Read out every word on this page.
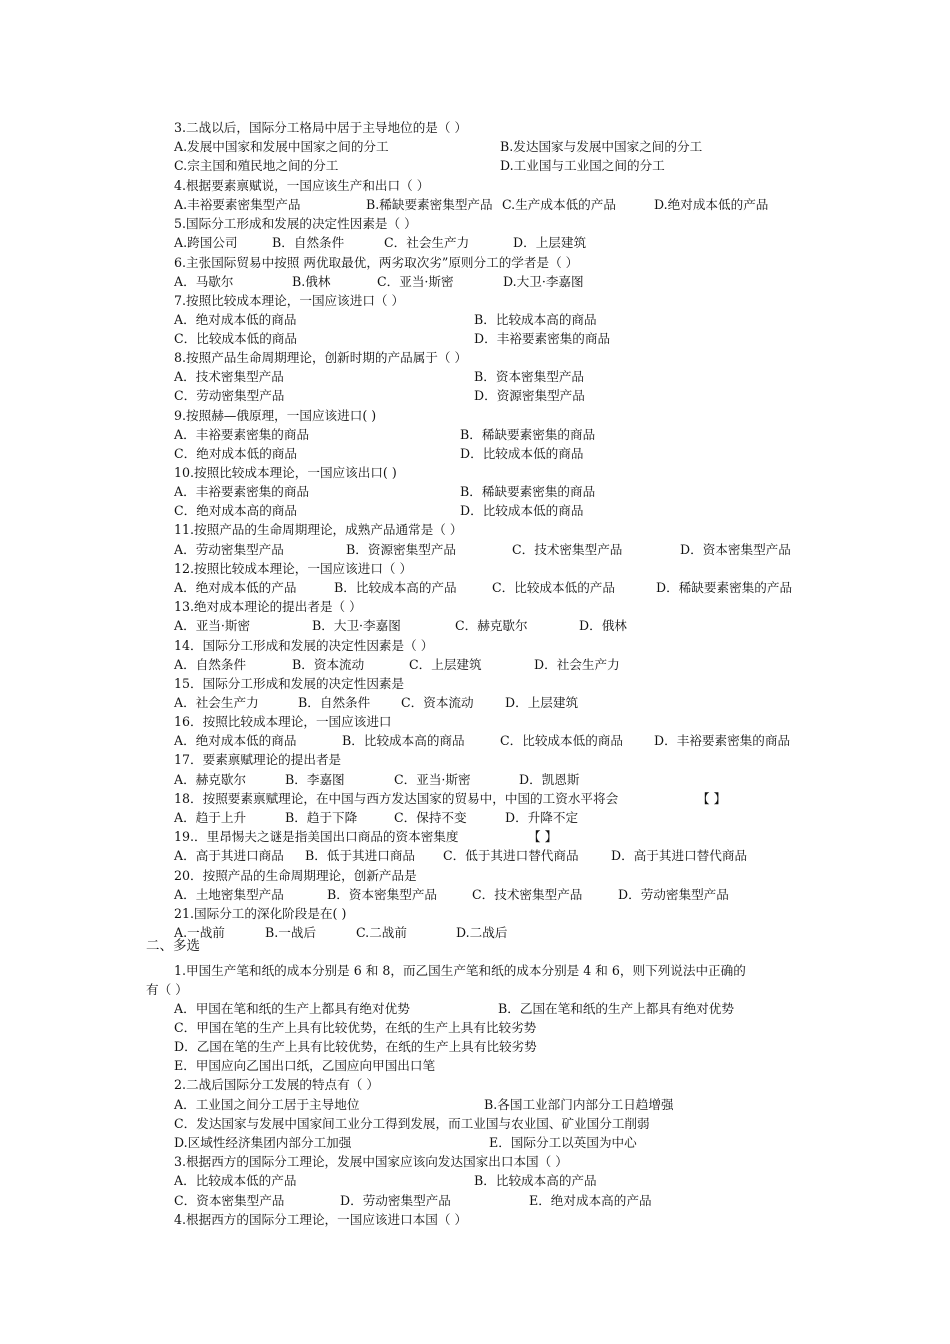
3.二战以后，国际分工格局中居于主导地位的是（ ）
A.发展中国家和发展中国家之间的分工	B.发达国家与发展中国家之间的分工
C.宗主国和殖民地之间的分工	D.工业国与工业国之间的分工
4.根据要素禀赋说，一国应该生产和出口（ ）
A.丰裕要素密集型产品	B.稀缺要素密集型产品 C.生产成本低的产品	D.绝对成本低的产品
5.国际分工形成和发展的决定性因素是（ ）
A.跨国公司	B．自然条件	C．社会生产力	D．上层建筑
6.主张国际贸易中按照 两优取最优，两劣取次劣”原则分工的学者是（ ）
A．马歇尔	B.俄林	C．亚当·斯密	D.大卫·李嘉图
7.按照比较成本理论，一国应该进口（ ）
A．绝对成本低的商品	B．比较成本高的商品
C．比较成本低的商品	D．丰裕要素密集的商品
8.按照产品生命周期理论，创新时期的产品属于（ ）
A．技术密集型产品	B．资本密集型产品
C．劳动密集型产品	D．资源密集型产品
9.按照赫—俄原理，一国应该进口( )
A．丰裕要素密集的商品	B．稀缺要素密集的商品
C．绝对成本低的商品	D．比较成本低的商品
10.按照比较成本理论，一国应该出口( )
A．丰裕要素密集的商品	B．稀缺要素密集的商品
C．绝对成本高的商品	D．比较成本低的商品
11.按照产品的生命周期理论，成熟产品通常是（ ）
A．劳动密集型产品	B．资源密集型产品	C．技术密集型产品	D．资本密集型产品
12.按照比较成本理论，一国应该进口（ ）
A．绝对成本低的产品	B．比较成本高的产品	C．比较成本低的产品	D．稀缺要素密集的产品
13.绝对成本理论的提出者是（ ）
A．亚当·斯密	B．大卫·李嘉图	C．赫克歇尔	D．俄林
14．国际分工形成和发展的决定性因素是（ ）
A．自然条件	B．资本流动	C．上层建筑	D．社会生产力
15．国际分工形成和发展的决定性因素是
A．社会生产力	B．自然条件 C．资本流动 D．上层建筑
16．按照比较成本理论，一国应该进口
A．绝对成本低的商品	B．比较成本高的商品	C．比较成本低的商品 D．丰裕要素密集的商品
17．要素禀赋理论的提出者是
A．赫克歇尔	B．李嘉图	C．亚当·斯密	D．凯恩斯
18．按照要素禀赋理论，在中国与西方发达国家的贸易中，中国的工资水平将会	【 】
A．趋于上升	B．趋于下降	C．保持不变	D．升降不定
19.．里昂惕夫之谜是指美国出口商品的资本密集度	【 】
A．高于其进口商品 B．低于其进口商品 C．低于其进口替代商品	D．高于其进口替代商品
20．按照产品的生命周期理论，创新产品是
A．土地密集型产品	B．资本密集型产品	C．技术密集型产品	D．劳动密集型产品
21.国际分工的深化阶段是在( )
A.一战前	B.一战后	C.二战前	D.二战后
二、多选
1.甲国生产笔和纸的成本分别是 6 和 8，而乙国生产笔和纸的成本分别是 4 和 6，则下列说法中正确的
有（ ）
A．甲国在笔和纸的生产上都具有绝对优势	B．乙国在笔和纸的生产上都具有绝对优势
C．甲国在笔的生产上具有比较优势，在纸的生产上具有比较劣势
D．乙国在笔的生产上具有比较优势，在纸的生产上具有比较劣势
E．甲国应向乙国出口纸，乙国应向甲国出口笔
2.二战后国际分工发展的特点有（ ）
A．工业国之间分工居于主导地位	B.各国工业部门内部分工日趋增强
C．发达国家与发展中国家间工业分工得到发展，而工业国与农业国、矿业国分工削弱
D.区域性经济集团内部分工加强	E．国际分工以英国为中心
3.根据西方的国际分工理论，发展中国家应该向发达国家出口本国（ ）
A．比较成本低的产品	B．比较成本高的产品
C．资本密集型产品	D．劳动密集型产品	E．绝对成本高的产品
4.根据西方的国际分工理论，一国应该进口本国（ ）
